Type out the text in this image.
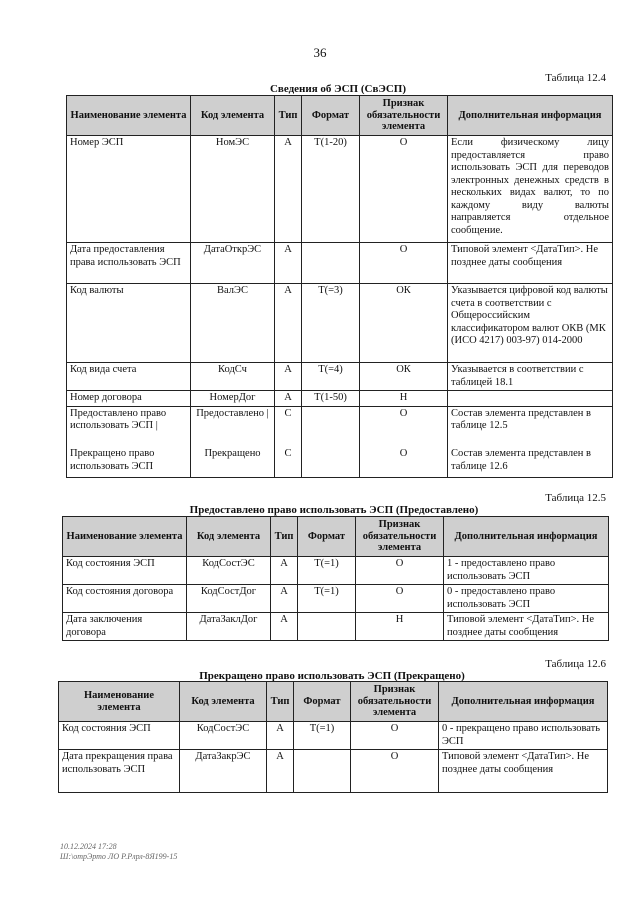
36
Таблица 12.4
Сведения об ЭСП (СвЭСП)
Наименование элемента	Код элемента	Тип	Формат	Признак обязательности элемента	Дополнительная информация
Номер ЭСП	НомЭС	А	T(1-20)	О	Если физическому лицу предоставляется право использовать ЭСП для переводов электронных денежных средств в нескольких видах валют, то по каждому виду валюты направляется отдельное сообщение.
Дата предоставления права использовать ЭСП	ДатаОткрЭС	А		О	Типовой элемент <ДатаТип>. Не позднее даты сообщения
Код валюты	ВалЭС	А	T(=3)	ОК	Указывается цифровой код валюты счета в соответствии с Общероссийским классификатором валют ОКВ (МК (ИСО 4217) 003-97) 014-2000
Код вида счета	КодСч	А	T(=4)	ОК	Указывается в соответствии с таблицей 18.1
Номер договора	НомерДог	А	T(1-50)	Н	
Предоставлено право использовать ЭСП |	Предоставлено |	С		О	Состав элемента представлен в таблице 12.5
Прекращено право использовать ЭСП	Прекращено	С		О	Состав элемента представлен в таблице 12.6
Таблица 12.5
Предоставлено право использовать ЭСП (Предоставлено)
Наименование элемента	Код элемента	Тип	Формат	Признак обязательности элемента	Дополнительная информация
Код состояния ЭСП	КодСостЭС	А	T(=1)	О	1 - предоставлено право использовать ЭСП
Код состояния договора	КодСостДог	А	T(=1)	О	0 - предоставлено право использовать ЭСП
Дата заключения договора	ДатаЗаклДог	А		Н	Типовой элемент <ДатаТип>. Не позднее даты сообщения
Таблица 12.6
Прекращено право использовать ЭСП (Прекращено)
Наименование элемента	Код элемента	Тип	Формат	Признак обязательности элемента	Дополнительная информация
Код состояния ЭСП	КодСостЭС	А	T(=1)	О	0 - прекращено право использовать ЭСП
Дата прекращения права использовать ЭСП	ДатаЗакрЭС	А		О	Типовой элемент <ДатаТип>. Не позднее даты сообщения
10.12.2024 17:28
Ш:\отрЭрто ЛО Р.Рлрл-8Я199-15
